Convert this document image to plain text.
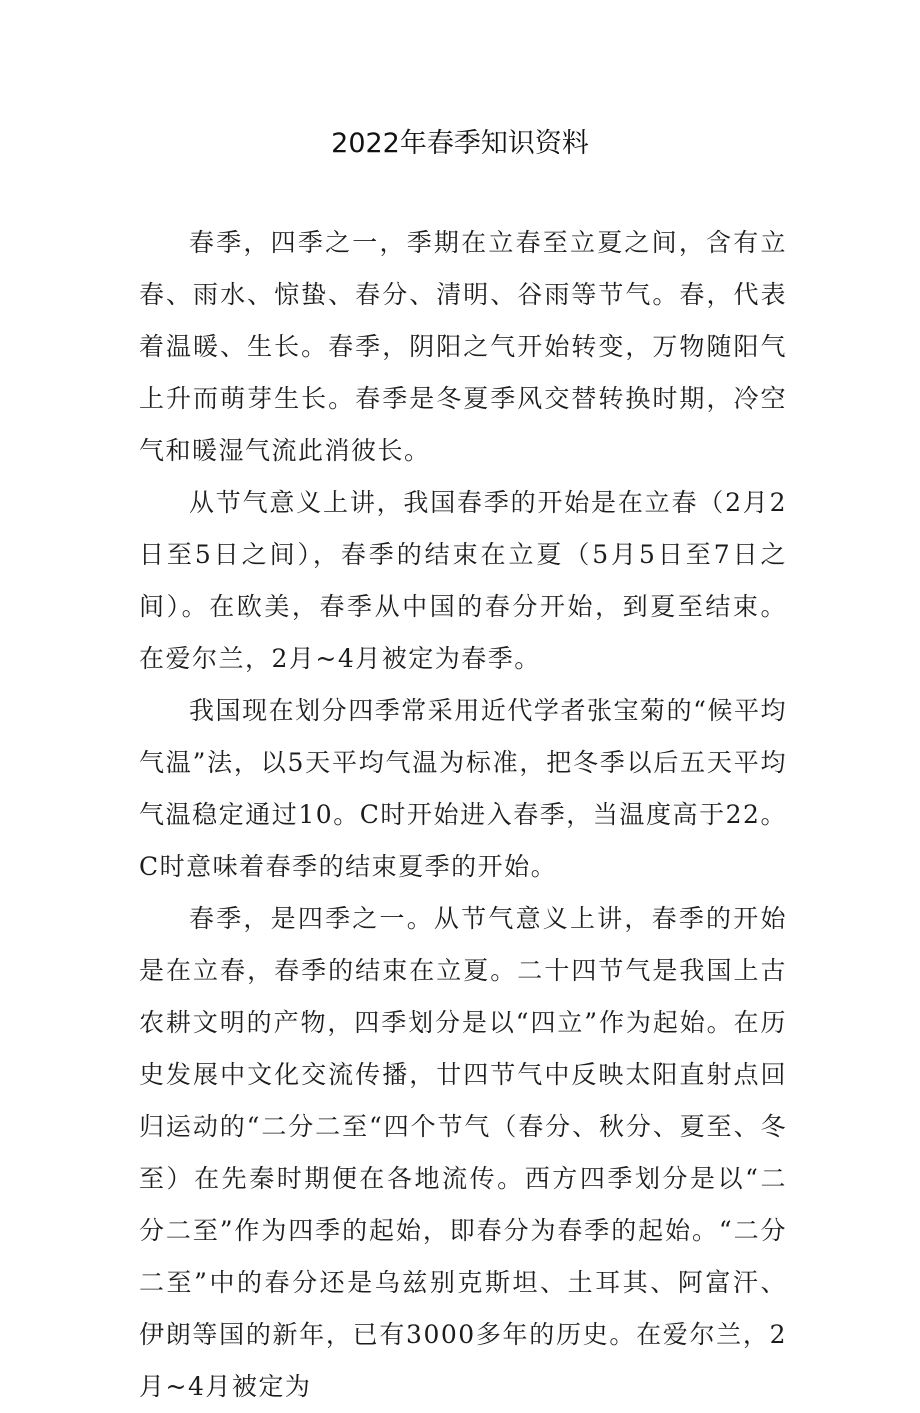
2022年春季知识资料

春季，四季之一，季期在立春至立夏之间，含有立春、雨水、惊蛰、春分、清明、谷雨等节气。春，代表着温暖、生长。春季，阴阳之气开始转变，万物随阳气上升而萌芽生长。春季是冬夏季风交替转换时期，冷空气和暖湿气流此消彼长。

从节气意义上讲，我国春季的开始是在立春（2月2日至5日之间），春季的结束在立夏（5月5日至7日之间）。在欧美，春季从中国的春分开始，到夏至结束。在爱尔兰，2月~4月被定为春季。

我国现在划分四季常采用近代学者张宝菊的“候平均气温”法，以5天平均气温为标准，把冬季以后五天平均气温稳定通过10。C时开始进入春季，当温度高于22。C时意味着春季的结束夏季的开始。

春季，是四季之一。从节气意义上讲，春季的开始是在立春，春季的结束在立夏。二十四节气是我国上古农耕文明的产物，四季划分是以“四立”作为起始。在历史发展中文化交流传播，廿四节气中反映太阳直射点回归运动的“二分二至“四个节气（春分、秋分、夏至、冬至）在先秦时期便在各地流传。西方四季划分是以“二分二至”作为四季的起始，即春分为春季的起始。“二分二至”中的春分还是乌兹别克斯坦、土耳其、阿富汗、伊朗等国的新年，已有3000多年的历史。在爱尔兰，2月~4月被定为
